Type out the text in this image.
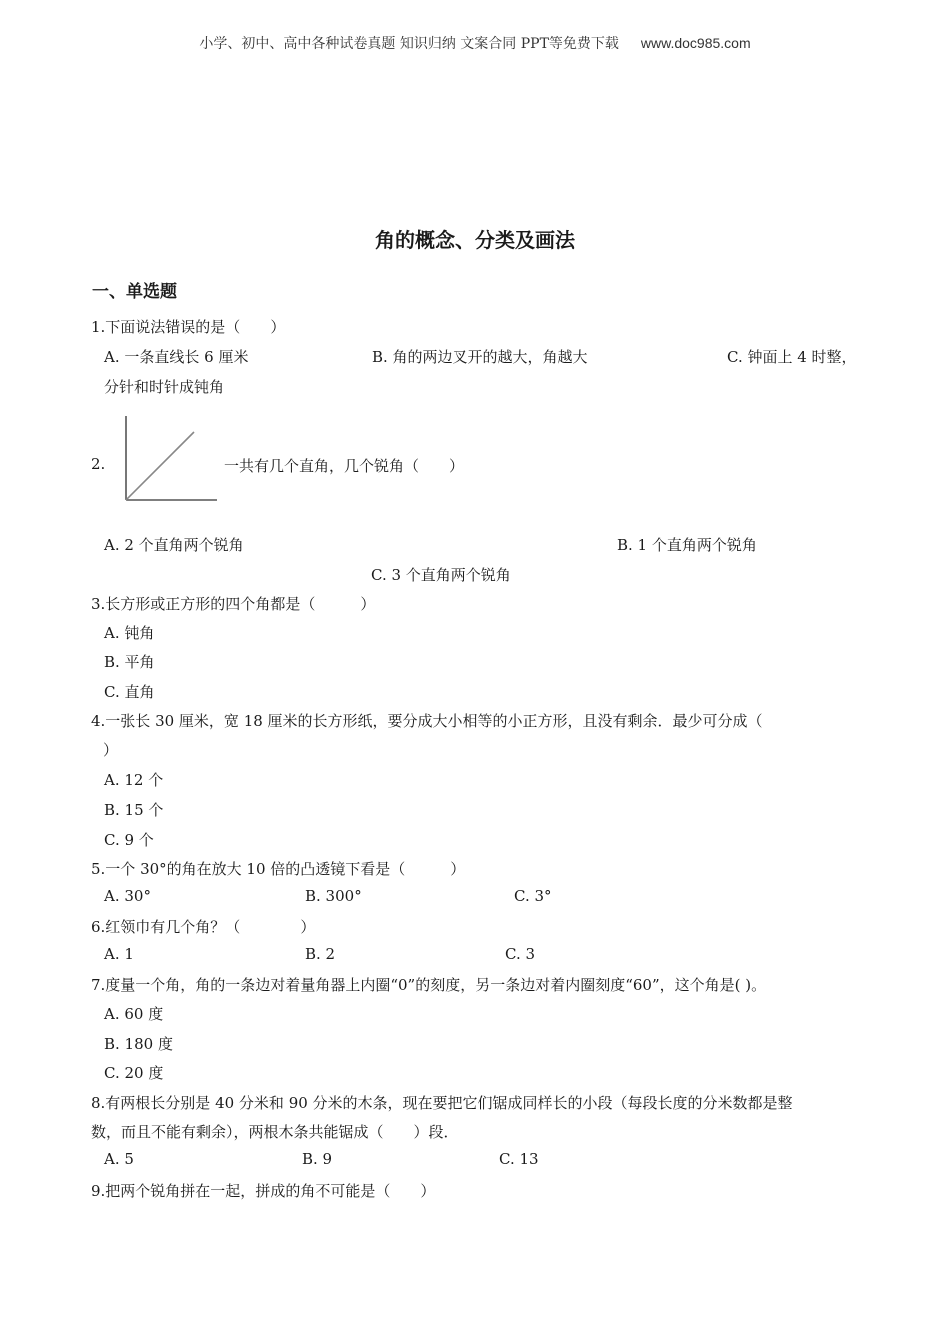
小学、初中、高中各种试卷真题 知识归纳 文案合同 PPT等免费下载 www.doc985.com
角的概念、分类及画法
一、单选题
1.下面说法错误的是（　　）
A. 一条直线长 6 厘米	B. 角的两边叉开的越大，角越大	C. 钟面上 4 时整，
分针和时针成钝角
2.	一共有几个直角，几个锐角（　　）
A. 2 个直角两个锐角	B. 1 个直角两个锐角
C. 3 个直角两个锐角
3.长方形或正方形的四个角都是（　　　）
A. 钝角
B. 平角
C. 直角
4.一张长 30 厘米，宽 18 厘米的长方形纸，要分成大小相等的小正方形，且没有剩余．最少可分成（
）
A. 12 个
B. 15 个
C. 9 个
5.一个 30°的角在放大 10 倍的凸透镜下看是（　　　）
A. 30°	B. 300°	C. 3°
6.红领巾有几个角？（　　　　）
A. 1	B. 2	C. 3
7.度量一个角，角的一条边对着量角器上内圈“0”的刻度，另一条边对着内圈刻度“60”，这个角是( )。
A. 60 度
B. 180 度
C. 20 度
8.有两根长分别是 40 分米和 90 分米的木条，现在要把它们锯成同样长的小段（每段长度的分米数都是整
数，而且不能有剩余），两根木条共能锯成（　　）段．
A. 5	B. 9	C. 13
9.把两个锐角拼在一起，拼成的角不可能是（　　）
